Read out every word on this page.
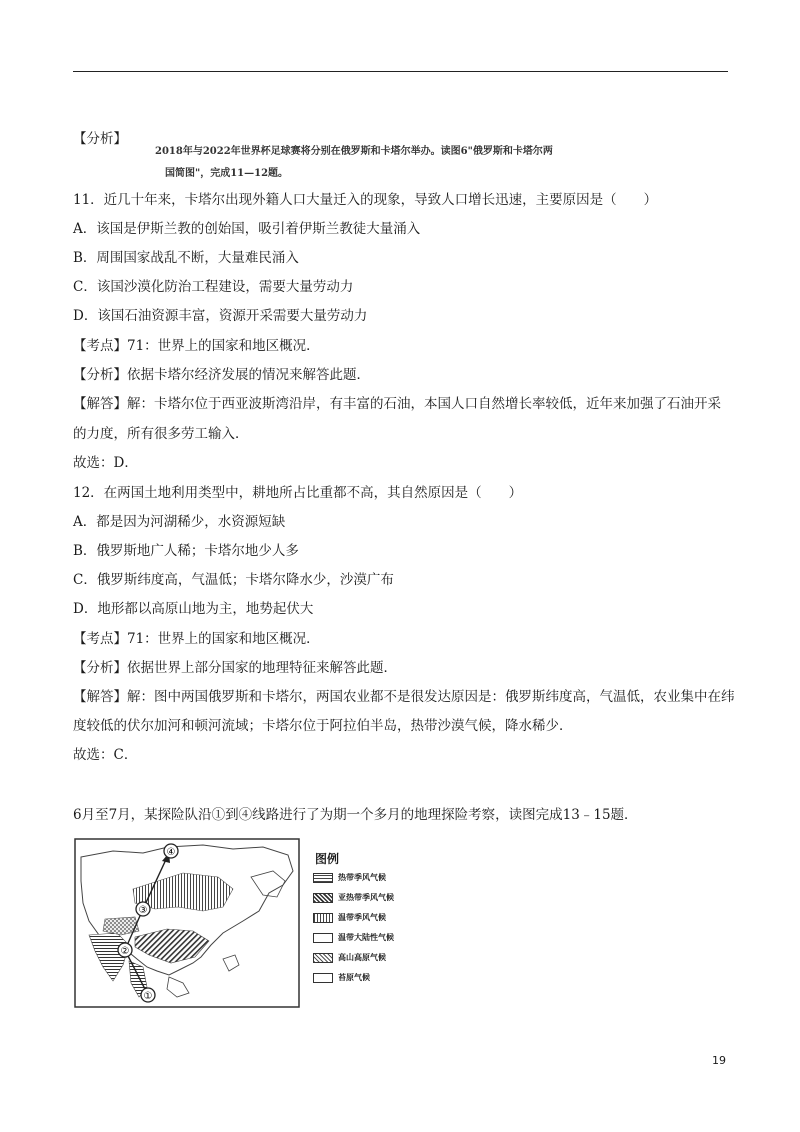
【分析】
2018年与2022年世界杯足球赛将分别在俄罗斯和卡塔尔举办。读图6"俄罗斯和卡塔尔两
国简图"，完成11—12题。
11．近几十年来，卡塔尔出现外籍人口大量迁入的现象，导致人口增长迅速，主要原因是（　　）
A．该国是伊斯兰教的创始国，吸引着伊斯兰教徒大量涌入
B．周围国家战乱不断，大量难民涌入
C．该国沙漠化防治工程建设，需要大量劳动力
D．该国石油资源丰富，资源开采需要大量劳动力
【考点】71：世界上的国家和地区概况．
【分析】依据卡塔尔经济发展的情况来解答此题．
【解答】解：卡塔尔位于西亚波斯湾沿岸，有丰富的石油，本国人口自然增长率较低，近年来加强了石油开采
的力度，所有很多劳工输入．
故选：D．
12．在两国土地利用类型中，耕地所占比重都不高，其自然原因是（　　）
A．都是因为河湖稀少，水资源短缺
B．俄罗斯地广人稀；卡塔尔地少人多
C．俄罗斯纬度高，气温低；卡塔尔降水少，沙漠广布
D．地形都以高原山地为主，地势起伏大
【考点】71：世界上的国家和地区概况．
【分析】依据世界上部分国家的地理特征来解答此题．
【解答】解：图中两国俄罗斯和卡塔尔，两国农业都不是很发达原因是：俄罗斯纬度高，气温低，农业集中在纬
度较低的伏尔加河和顿河流域；卡塔尔位于阿拉伯半岛，热带沙漠气候，降水稀少．
故选：C．
6月至7月，某探险队沿①到④线路进行了为期一个多月的地理探险考察，读图完成13﹣15题．
①
②
③
④	图例
热带季风气候
亚热带季风气候
温带季风气候
温带大陆性气候
高山高原气候
苔原气候
19
